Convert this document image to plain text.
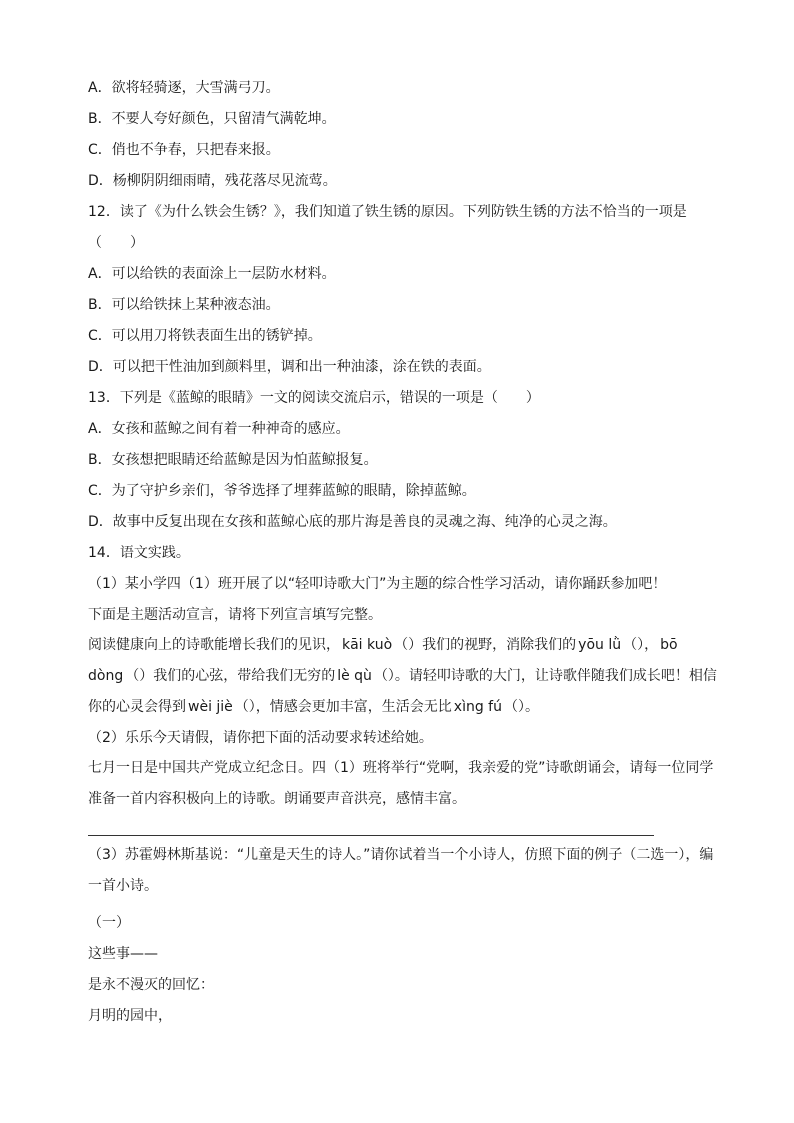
A．欲将轻骑逐，大雪满弓刀。

B．不要人夸好颜色，只留清气满乾坤。

C．俏也不争春，只把春来报。

D．杨柳阴阴细雨晴，残花落尽见流莺。

12．读了《为什么铁会生锈？》，我们知道了铁生锈的原因。下列防铁生锈的方法不恰当的一项是

（　　）

A．可以给铁的表面涂上一层防水材料。

B．可以给铁抹上某种液态油。

C．可以用刀将铁表面生出的锈铲掉。

D．可以把干性油加到颜料里，调和出一种油漆，涂在铁的表面。

13．下列是《蓝鲸的眼睛》一文的阅读交流启示，错误的一项是（　　）

A．女孩和蓝鲸之间有着一种神奇的感应。

B．女孩想把眼睛还给蓝鲸是因为怕蓝鲸报复。

C．为了守护乡亲们，爷爷选择了埋葬蓝鲸的眼睛，除掉蓝鲸。

D．故事中反复出现在女孩和蓝鲸心底的那片海是善良的灵魂之海、纯净的心灵之海。

14．语文实践。

（1）某小学四（1）班开展了以“轻叩诗歌大门”为主题的综合性学习活动，请你踊跃参加吧！

下面是主题活动宣言，请将下列宣言填写完整。

阅读健康向上的诗歌能增长我们的见识， kāi kuò （）我们的视野，消除我们的 yōu lǜ （）， bō dòng （）我们的心弦，带给我们无穷的 lè qù （）。请轻叩诗歌的大门，让诗歌伴随我们成长吧！相信你的心灵会得到 wèi jiè （），情感会更加丰富，生活会无比 xìng fú （）。

（2）乐乐今天请假，请你把下面的活动要求转述给她。

七月一日是中国共产党成立纪念日。四（1）班将举行“党啊，我亲爱的党”诗歌朗诵会，请每一位同学准备一首内容积极向上的诗歌。朗诵要声音洪亮，感情丰富。

（3）苏霍姆林斯基说：“儿童是天生的诗人。”请你试着当一个小诗人，仿照下面的例子（二选一），编一首小诗。

（一）

这些事——

是永不漫灭的回忆：

月明的园中，
